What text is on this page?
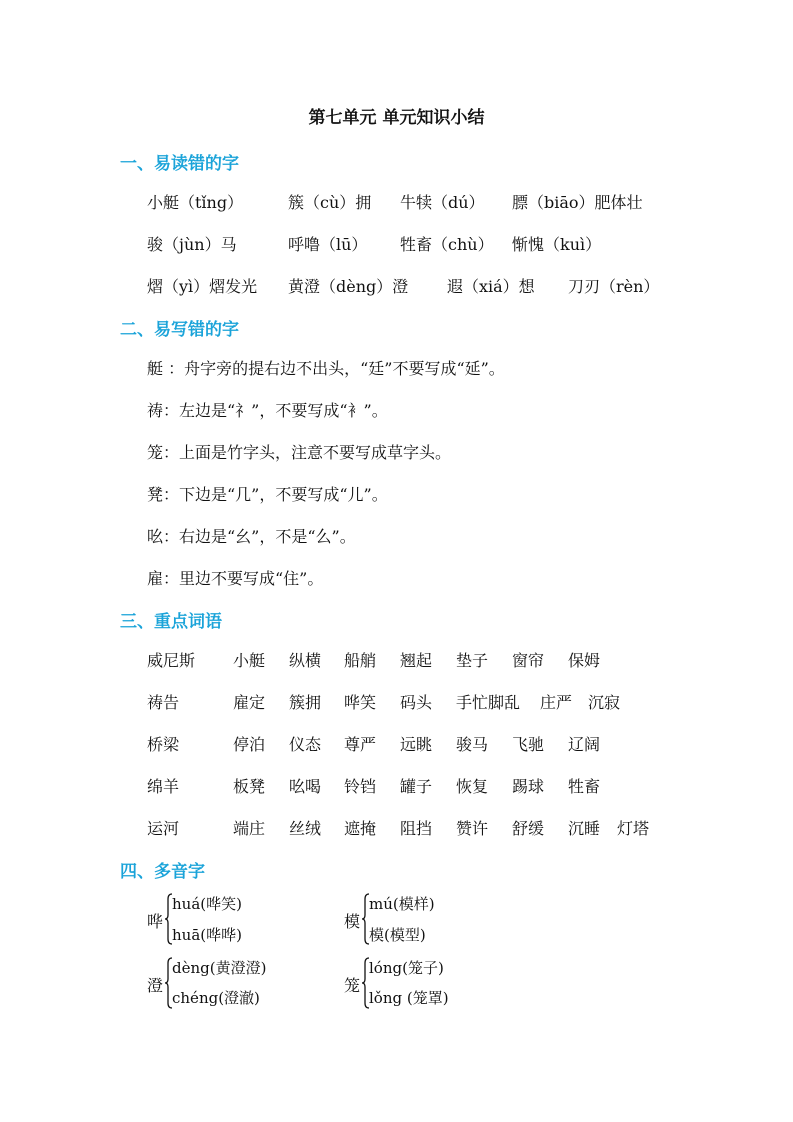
第七单元 单元知识小结
一、易读错的字
小艇（tǐng）	簇（cù）拥 牛犊（dú） 膘（biāo）肥体壮
骏（jùn）马	呼噜（lū） 牲畜（chù） 惭愧（kuì）
熠（yì）熠发光 黄澄（dèng）澄 遐（xiá）想 刀刃（rèn）
二、易写错的字
艇 ：舟字旁的提右边不出头，“廷”不要写成“延”。
祷：左边是“礻”，不要写成“衤”。
笼：上面是竹字头，注意不要写成草字头。
凳：下边是“几”，不要写成“儿”。
吆：右边是“幺”，不是“么”。
雇：里边不要写成“住”。
三、重点词语
威尼斯 小艇 纵横 船艄 翘起 垫子 窗帘 保姆
祷告	雇定 簇拥 哗笑 码头 手忙脚乱 庄严 沉寂
桥梁	停泊 仪态 尊严 远眺 骏马 飞驰 辽阔
绵羊	板凳 吆喝 铃铛 罐子 恢复 踢球 牲畜
运河	端庄 丝绒 遮掩 阻挡 赞许 舒缓 沉睡 灯塔
四、多音字
哗
huá(哗笑)
huā(哗哗)
模
mú(模样)
模(模型)
澄
dèng(黄澄澄)
chéng(澄澈)
笼
lóng(笼子)
lǒng (笼罩)
